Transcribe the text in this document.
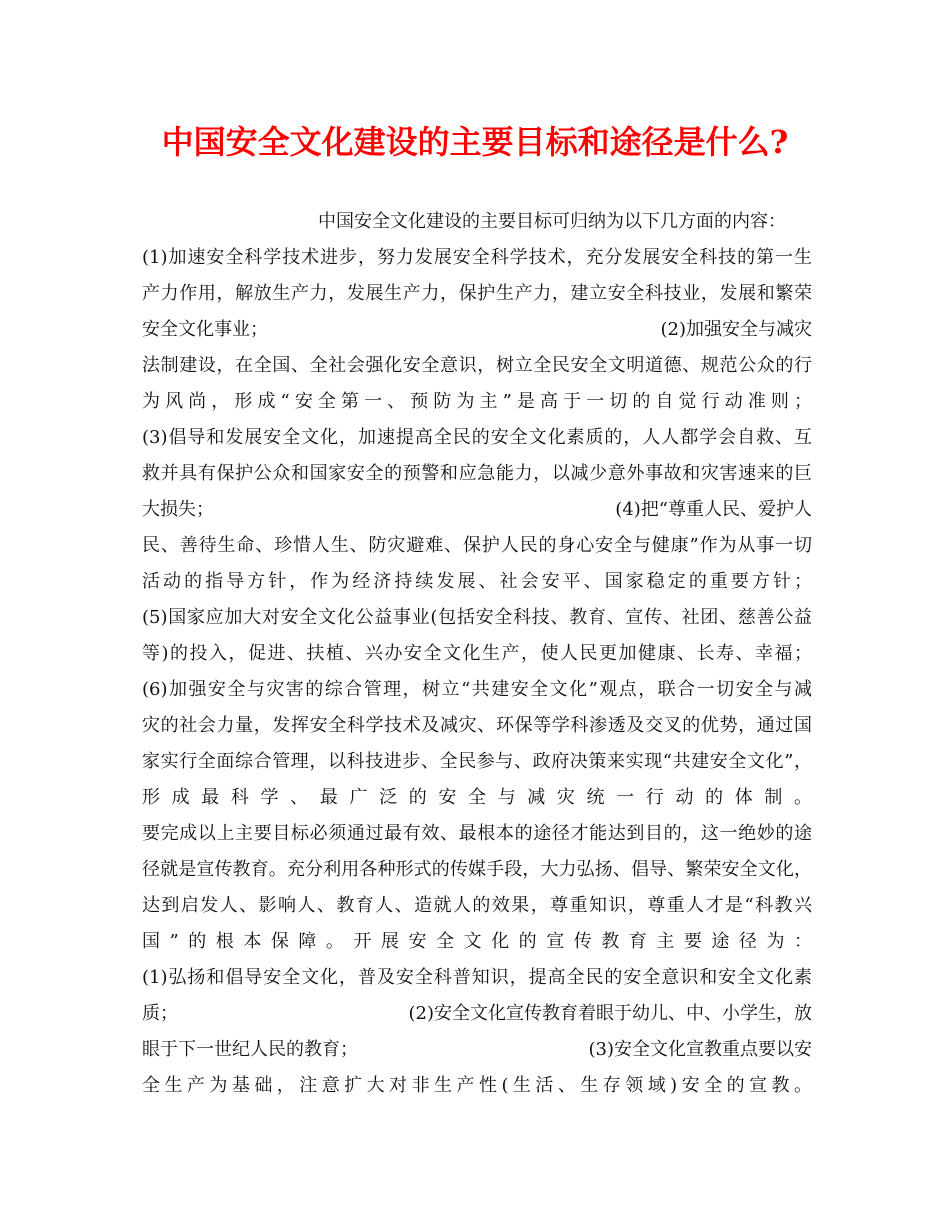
中国安全文化建设的主要目标和途径是什么?
中国安全文化建设的主要目标可归纳为以下几方面的内容：
(1)加速安全科学技术进步，努力发展安全科学技术，充分发展安全科技的第一生
产力作用，解放生产力，发展生产力，保护生产力，建立安全科技业，发展和繁荣
安全文化事业；	(2)加强安全与减灾
法制建设，在全国、全社会强化安全意识，树立全民安全文明道德、规范公众的行
为风尚，形成“安全第一、预防为主”是高于一切的自觉行动准则；
(3)倡导和发展安全文化，加速提高全民的安全文化素质的，人人都学会自救、互
救并具有保护公众和国家安全的预警和应急能力，以减少意外事故和灾害速来的巨
大损失；	(4)把“尊重人民、爱护人
民、善待生命、珍惜人生、防灾避难、保护人民的身心安全与健康”作为从事一切
活动的指导方针，作为经济持续发展、社会安平、国家稳定的重要方针；
(5)国家应加大对安全文化公益事业(包括安全科技、教育、宣传、社团、慈善公益
等)的投入，促进、扶植、兴办安全文化生产，使人民更加健康、长寿、幸福；
(6)加强安全与灾害的综合管理，树立“共建安全文化”观点，联合一切安全与减
灾的社会力量，发挥安全科学技术及减灾、环保等学科渗透及交叉的优势，通过国
家实行全面综合管理，以科技进步、全民参与、政府决策来实现“共建安全文化”，
形成最科学、最广泛的安全与减灾统一行动的体制。
要完成以上主要目标必须通过最有效、最根本的途径才能达到目的，这一绝妙的途
径就是宣传教育。充分利用各种形式的传媒手段，大力弘扬、倡导、繁荣安全文化，
达到启发人、影响人、教育人、造就人的效果，尊重知识，尊重人才是“科教兴
国”的根本保障。开展安全文化的宣传教育主要途径为：
(1)弘扬和倡导安全文化，普及安全科普知识，提高全民的安全意识和安全文化素
质；	(2)安全文化宣传教育着眼于幼儿、中、小学生，放
眼于下一世纪人民的教育；	(3)安全文化宣教重点要以安
全生产为基础，注意扩大对非生产性(生活、生存领域)安全的宣教。
